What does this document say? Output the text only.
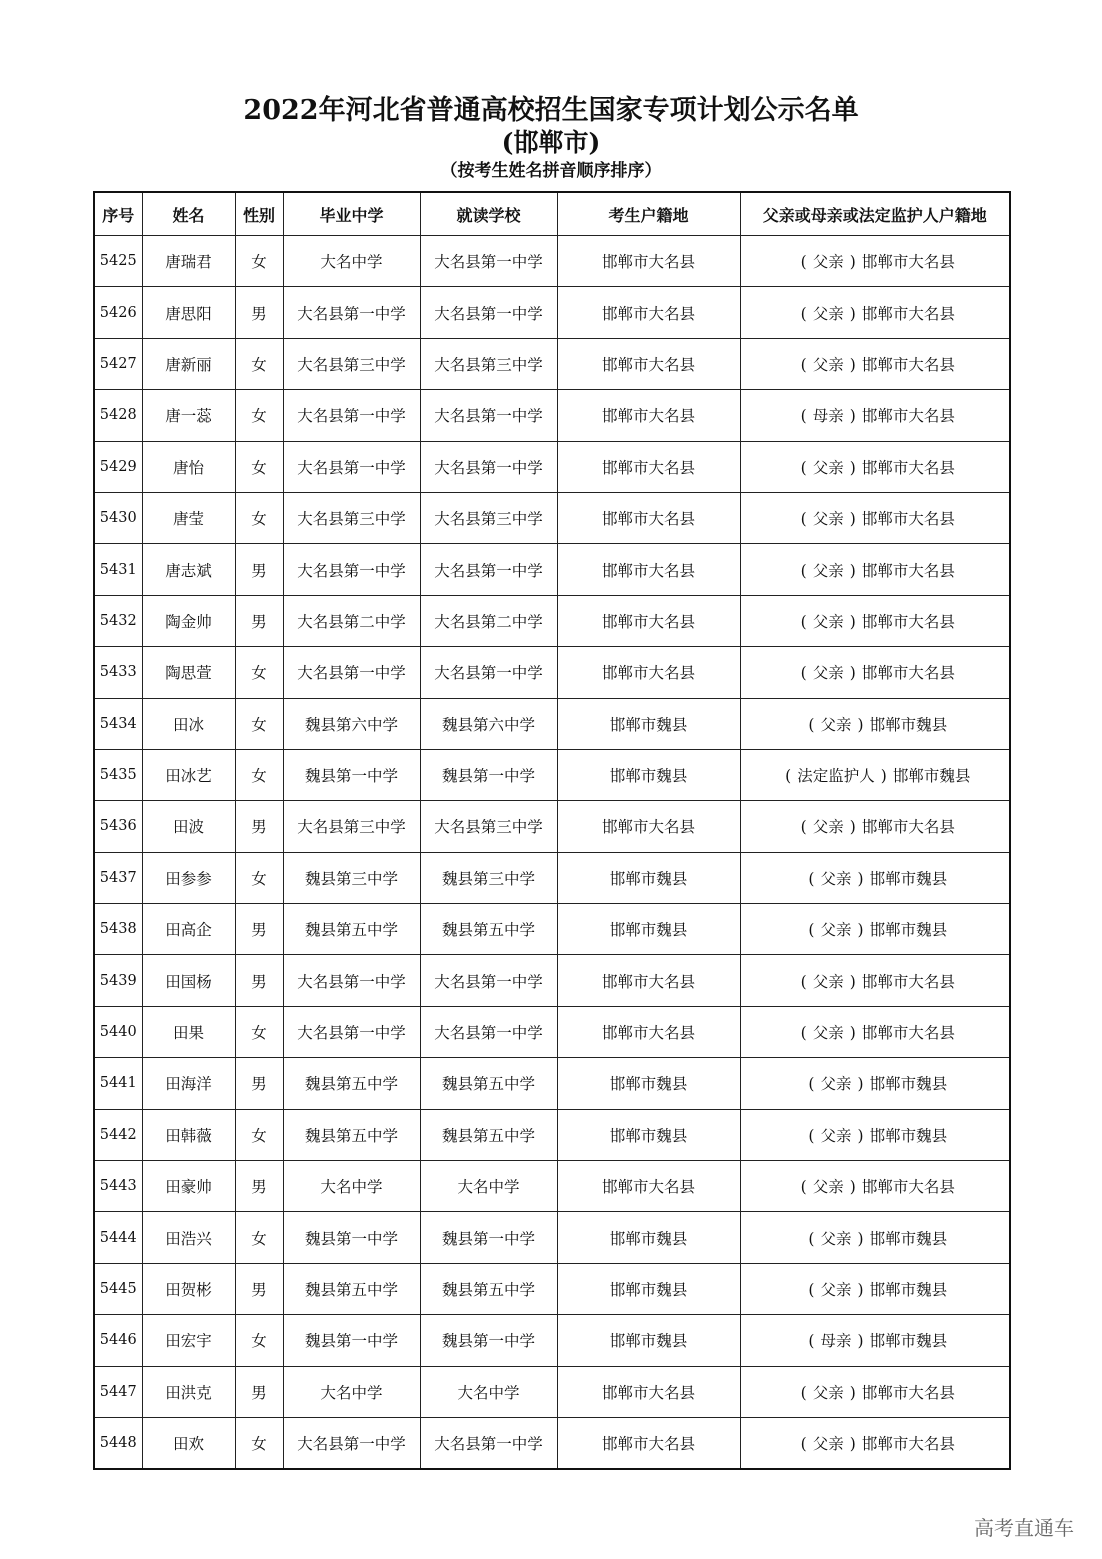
2022年河北省普通高校招生国家专项计划公示名单
(邯郸市)
（按考生姓名拼音顺序排序）
序号	姓名	性别	毕业中学	就读学校	考生户籍地	父亲或母亲或法定监护人户籍地
5425	唐瑞君	女	大名中学	大名县第一中学	邯郸市大名县	( 父亲 ) 邯郸市大名县
5426	唐思阳	男	大名县第一中学	大名县第一中学	邯郸市大名县	( 父亲 ) 邯郸市大名县
5427	唐新丽	女	大名县第三中学	大名县第三中学	邯郸市大名县	( 父亲 ) 邯郸市大名县
5428	唐一蕊	女	大名县第一中学	大名县第一中学	邯郸市大名县	( 母亲 ) 邯郸市大名县
5429	唐怡	女	大名县第一中学	大名县第一中学	邯郸市大名县	( 父亲 ) 邯郸市大名县
5430	唐莹	女	大名县第三中学	大名县第三中学	邯郸市大名县	( 父亲 ) 邯郸市大名县
5431	唐志斌	男	大名县第一中学	大名县第一中学	邯郸市大名县	( 父亲 ) 邯郸市大名县
5432	陶金帅	男	大名县第二中学	大名县第二中学	邯郸市大名县	( 父亲 ) 邯郸市大名县
5433	陶思萱	女	大名县第一中学	大名县第一中学	邯郸市大名县	( 父亲 ) 邯郸市大名县
5434	田冰	女	魏县第六中学	魏县第六中学	邯郸市魏县	( 父亲 ) 邯郸市魏县
5435	田冰艺	女	魏县第一中学	魏县第一中学	邯郸市魏县	( 法定监护人 ) 邯郸市魏县
5436	田波	男	大名县第三中学	大名县第三中学	邯郸市大名县	( 父亲 ) 邯郸市大名县
5437	田参参	女	魏县第三中学	魏县第三中学	邯郸市魏县	( 父亲 ) 邯郸市魏县
5438	田高企	男	魏县第五中学	魏县第五中学	邯郸市魏县	( 父亲 ) 邯郸市魏县
5439	田国杨	男	大名县第一中学	大名县第一中学	邯郸市大名县	( 父亲 ) 邯郸市大名县
5440	田果	女	大名县第一中学	大名县第一中学	邯郸市大名县	( 父亲 ) 邯郸市大名县
5441	田海洋	男	魏县第五中学	魏县第五中学	邯郸市魏县	( 父亲 ) 邯郸市魏县
5442	田韩薇	女	魏县第五中学	魏县第五中学	邯郸市魏县	( 父亲 ) 邯郸市魏县
5443	田豪帅	男	大名中学	大名中学	邯郸市大名县	( 父亲 ) 邯郸市大名县
5444	田浩兴	女	魏县第一中学	魏县第一中学	邯郸市魏县	( 父亲 ) 邯郸市魏县
5445	田贺彬	男	魏县第五中学	魏县第五中学	邯郸市魏县	( 父亲 ) 邯郸市魏县
5446	田宏宇	女	魏县第一中学	魏县第一中学	邯郸市魏县	( 母亲 ) 邯郸市魏县
5447	田洪克	男	大名中学	大名中学	邯郸市大名县	( 父亲 ) 邯郸市大名县
5448	田欢	女	大名县第一中学	大名县第一中学	邯郸市大名县	( 父亲 ) 邯郸市大名县
高考直通车
